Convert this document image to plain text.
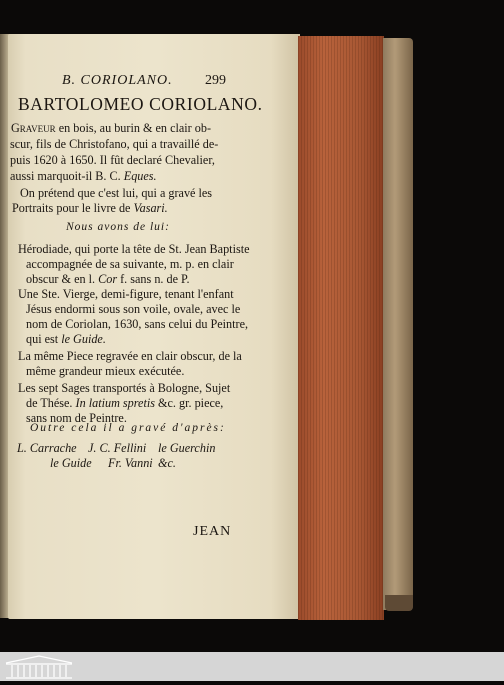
B. CORIOLANO. 299
BARTOLOMEO CORIOLANO.
Graveur en bois, au burin & en clair ob-
scur, fils de Christofano, qui a travaillé de-
puis 1620 à 1650. Il fût declaré Chevalier,
aussi marquoit-il B. C. Eques.
On prétend que c'est lui, qui a gravé les
Portraits pour le livre de Vasari.
Nous avons de lui:
Hérodiade, qui porte la tête de St. Jean Baptiste
accompagnée de sa suivante, m. p. en clair
obscur & en l. Cor f. sans n. de P.
Une Ste. Vierge, demi-figure, tenant l'enfant
Jésus endormi sous son voile, ovale, avec le
nom de Coriolan, 1630, sans celui du Peintre,
qui est le Guide.
La même Piece regravée en clair obscur, de la
même grandeur mieux exécutée.
Les sept Sages transportés à Bologne, Sujet
de Thése. In latium spretis &c. gr. piece,
sans nom de Peintre.
Outre cela il a gravé d'après:
L. Carrache J. C. Fellini le Guerchin
le Guide Fr. Vanni &c.
JEAN
